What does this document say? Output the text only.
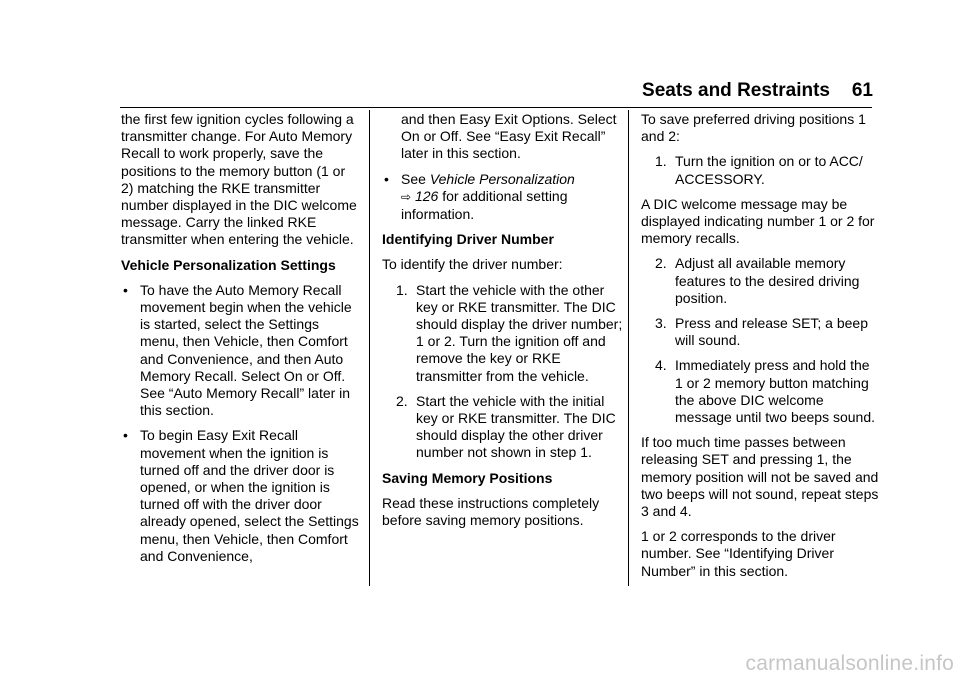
Seats and Restraints 61

the first few ignition cycles following a transmitter change. For Auto Memory Recall to work properly, save the positions to the memory button (1 or 2) matching the RKE transmitter number displayed in the DIC welcome message. Carry the linked RKE transmitter when entering the vehicle.

Vehicle Personalization Settings

• To have the Auto Memory Recall movement begin when the vehicle is started, select the Settings menu, then Vehicle, then Comfort and Convenience, and then Auto Memory Recall. Select On or Off. See “Auto Memory Recall” later in this section.
• To begin Easy Exit Recall movement when the ignition is turned off and the driver door is opened, or when the ignition is turned off with the driver door already opened, select the Settings menu, then Vehicle, then Comfort and Convenience,

and then Easy Exit Options. Select On or Off. See “Easy Exit Recall” later in this section.

• See Vehicle Personalization
⇨ 126 for additional setting information.

Identifying Driver Number

To identify the driver number:

1. Start the vehicle with the other key or RKE transmitter. The DIC should display the driver number; 1 or 2. Turn the ignition off and remove the key or RKE transmitter from the vehicle.
2. Start the vehicle with the initial key or RKE transmitter. The DIC should display the other driver number not shown in step 1.

Saving Memory Positions

Read these instructions completely before saving memory positions.

To save preferred driving positions 1 and 2:

1. Turn the ignition on or to ACC/ ACCESSORY.

A DIC welcome message may be displayed indicating number 1 or 2 for memory recalls.

2. Adjust all available memory features to the desired driving position.
3. Press and release SET; a beep will sound.
4. Immediately press and hold the 1 or 2 memory button matching the above DIC welcome message until two beeps sound.

If too much time passes between releasing SET and pressing 1, the memory position will not be saved and two beeps will not sound, repeat steps 3 and 4.

1 or 2 corresponds to the driver number. See “Identifying Driver Number” in this section.

carmanualsonline.info
